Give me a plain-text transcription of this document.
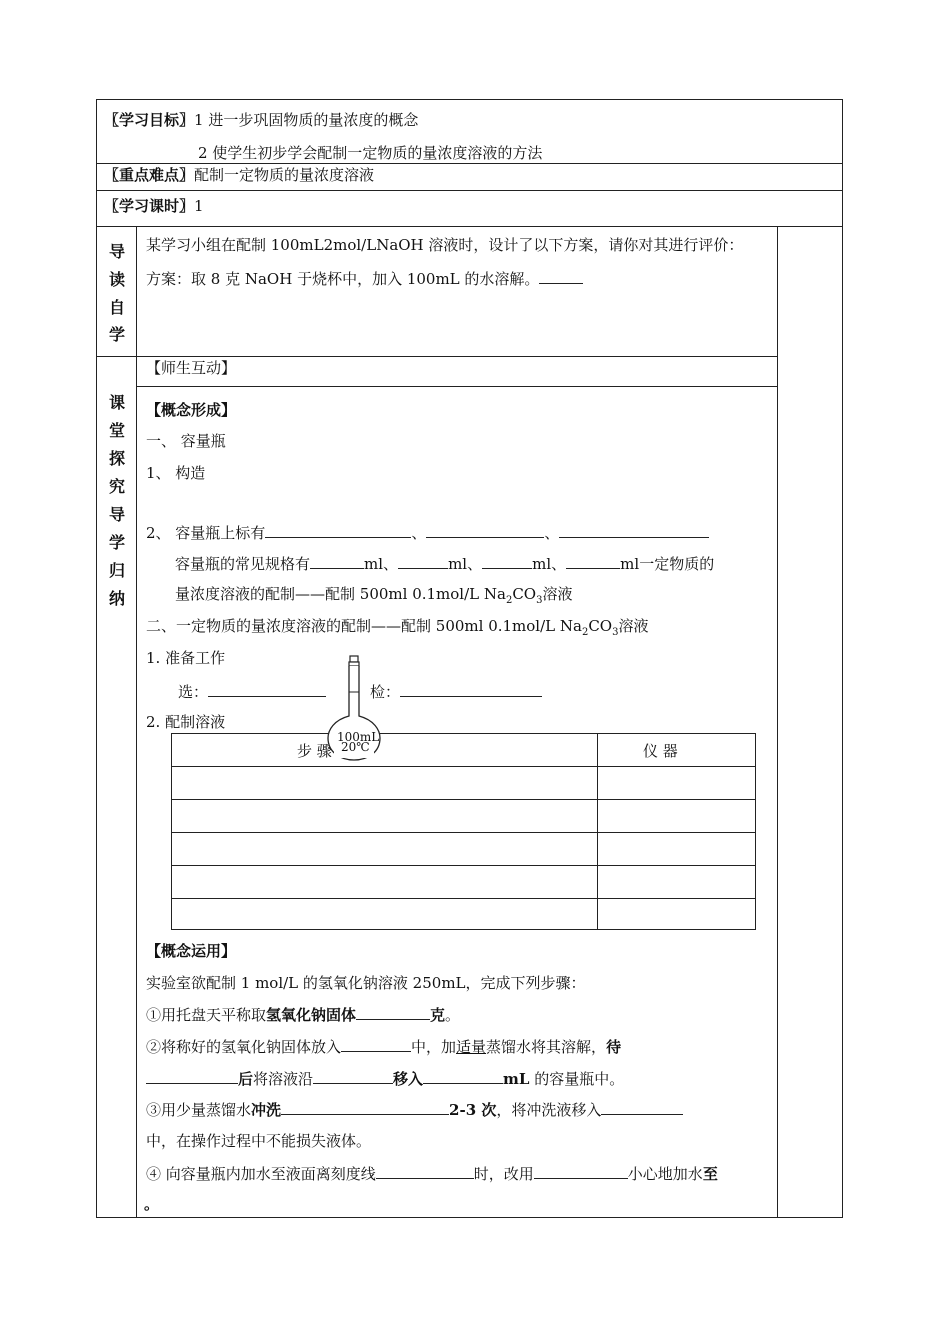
〖学习目标〗1 进一步巩固物质的量浓度的概念
2 使学生初步学会配制一定物质的量浓度溶液的方法
〖重点难点〗配制一定物质的量浓度溶液
〖学习课时〗1
导
读
自
学
某学习小组在配制 100mL2mol/LNaOH 溶液时，设计了以下方案，请你对其进行评价：
方案：取 8 克 NaOH 于烧杯中，加入 100mL 的水溶解。
课
堂
探
究
导
学
归
纳
【师生互动】
【概念形成】
一、 容量瓶
1、 构造
2、 容量瓶上标有	、	、
容量瓶的常见规格有	ml、	ml、	ml、	ml一定物质的
量浓度溶液的配制——配制 500ml 0.1mol/L $Na_2CO_3$溶液
二、一定物质的量浓度溶液的配制——配制 500ml 0.1mol/L $Na_2CO_3$溶液
1. 准备工作
选：	检：
2. 配制溶液
步 骤	仪 器
100mL
20℃
【概念运用】
实验室欲配制 1 mol/L 的氢氧化钠溶液 250mL，完成下列步骤：
①用托盘天平称取氢氧化钠固体	克。
②将称好的氢氧化钠固体放入	中，加适量蒸馏水将其溶解，待
后将溶液沿	移入	mL 的容量瓶中。
③用少量蒸馏水冲洗	2-3 次，将冲洗液移入
中，在操作过程中不能损失液体。
④ 向容量瓶内加水至液面离刻度线	时，改用	小心地加水至
。
